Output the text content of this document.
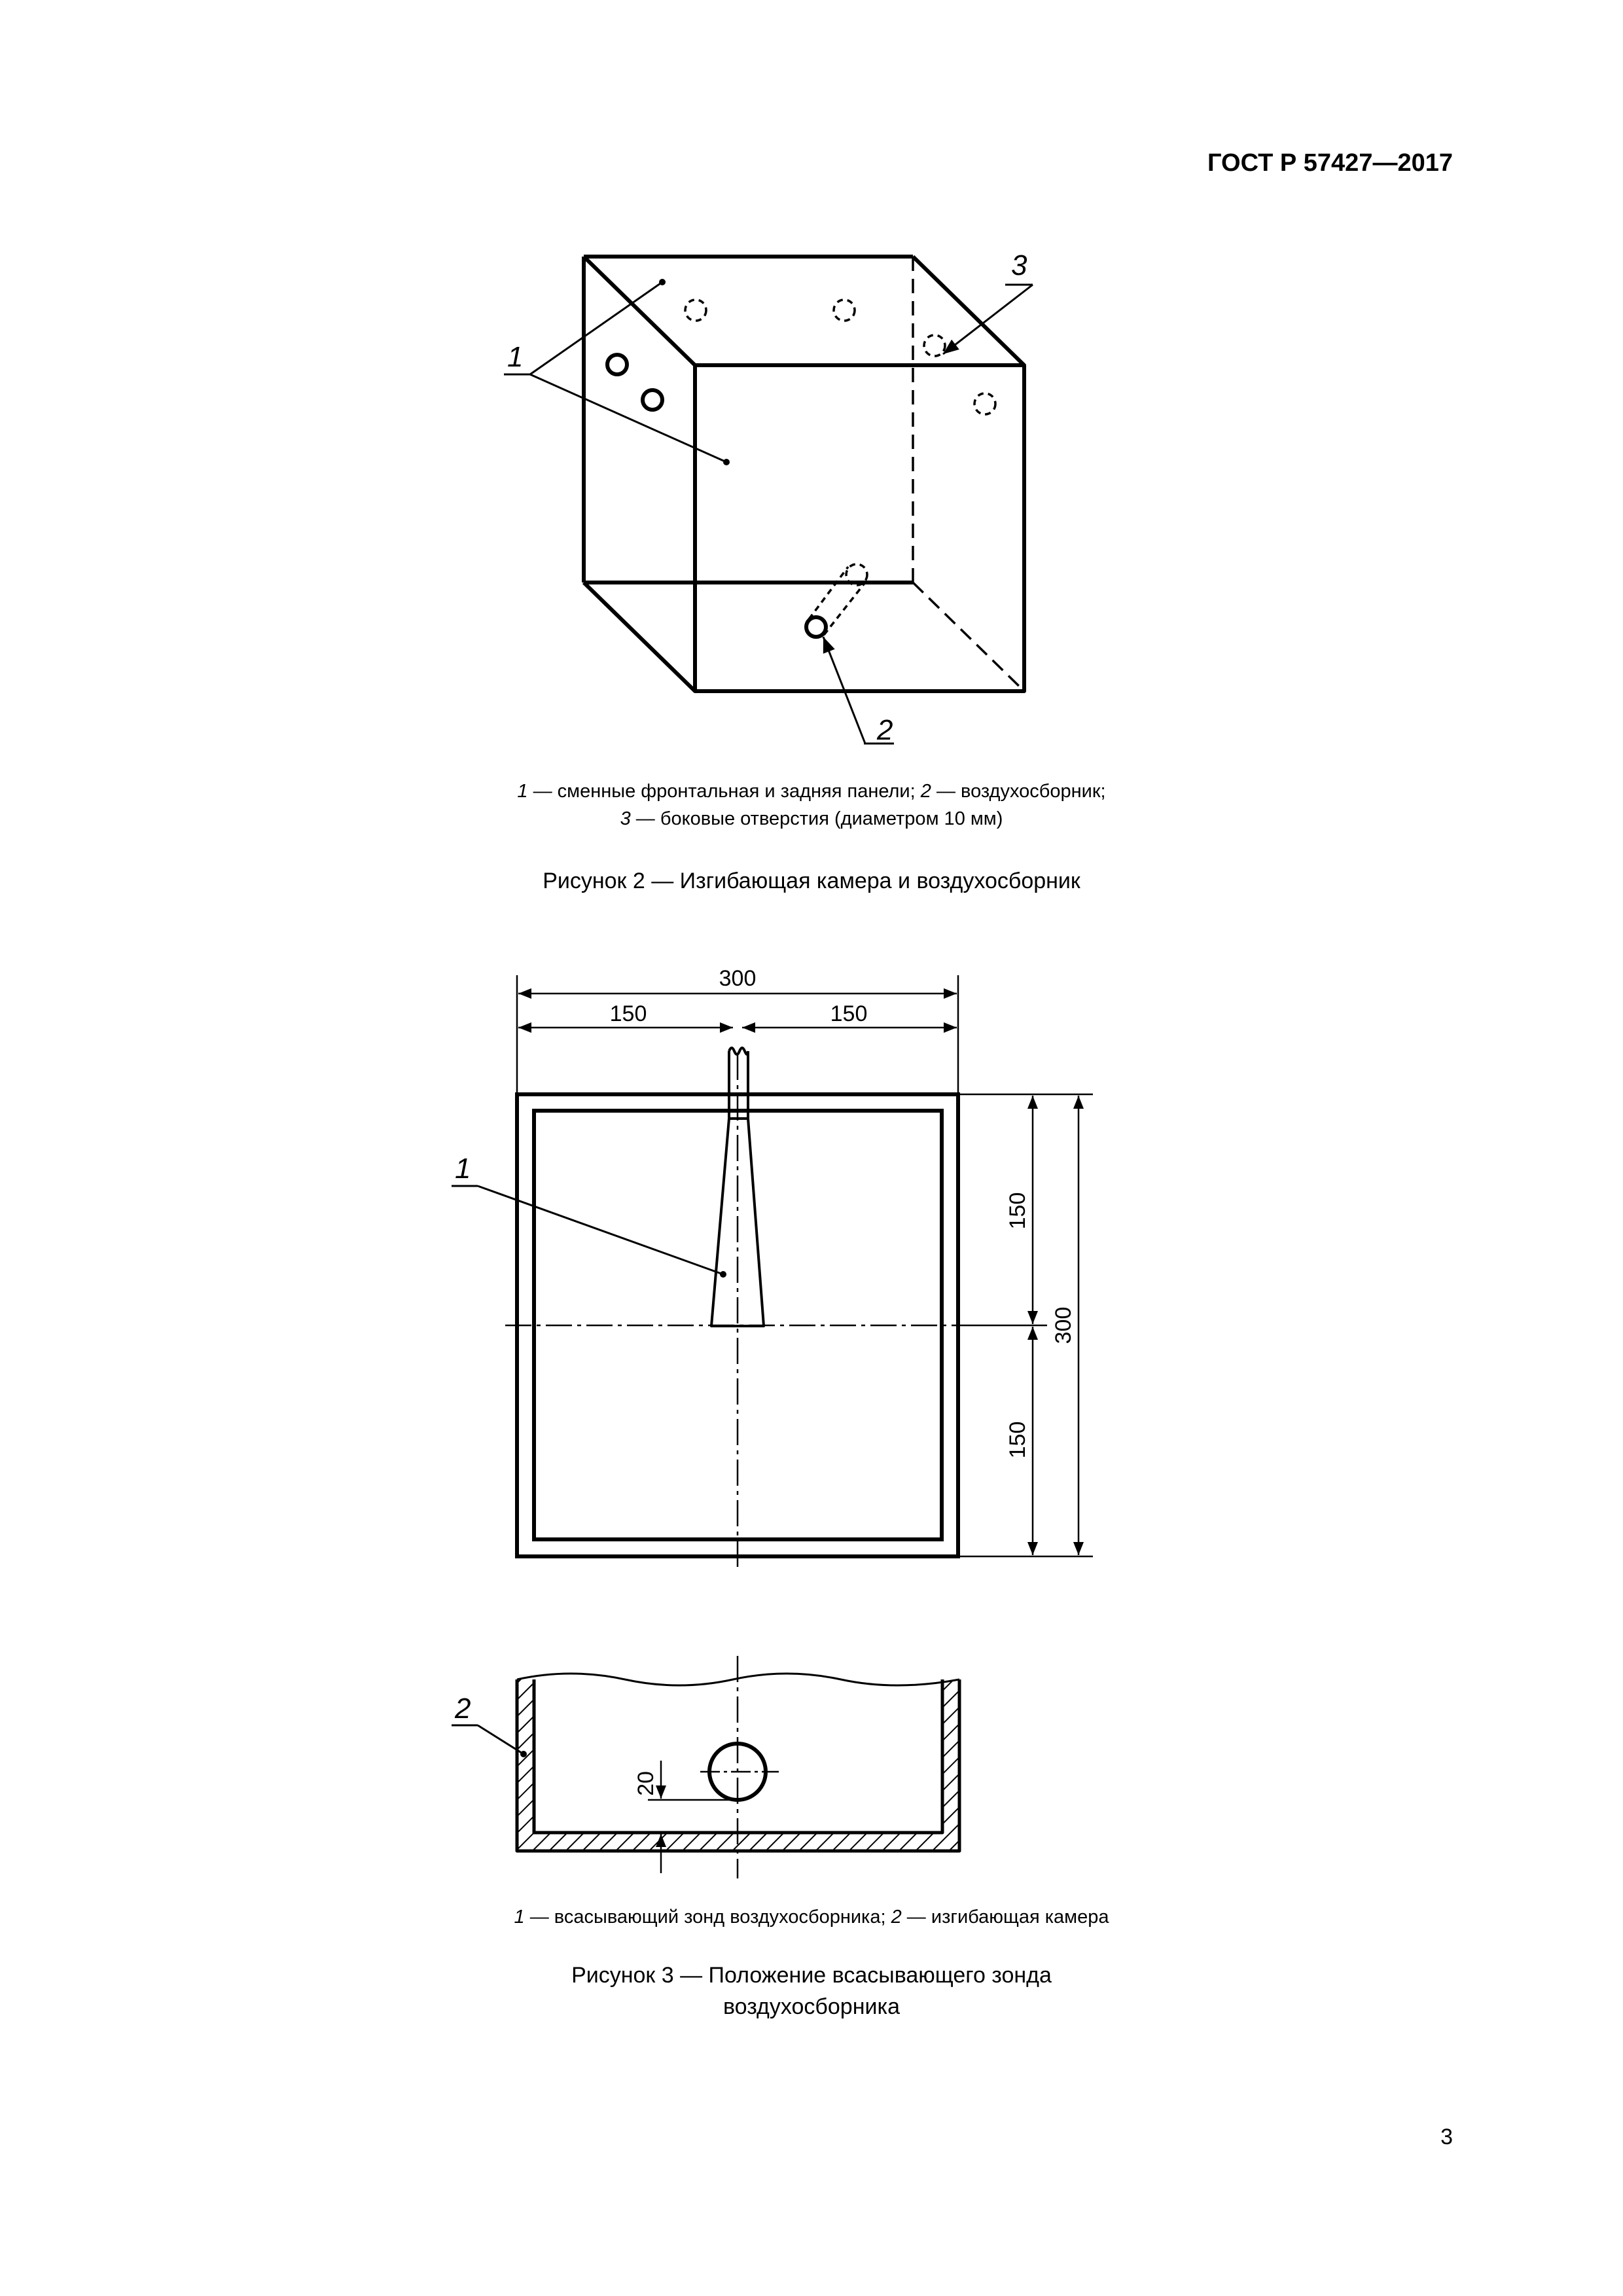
ГОСТ Р 57427—2017
1
3
2
300
150	150
150
150
300
1
20
2
1 — сменные фронтальная и задняя панели; 2 — воздухосборник;
3 — боковые отверстия (диаметром 10 мм)
Рисунок 2 — Изгибающая камера и воздухосборник
1 — всасывающий зонд воздухосборника; 2 — изгибающая камера
Рисунок 3 — Положение всасывающего зонда
воздухосборника
3
